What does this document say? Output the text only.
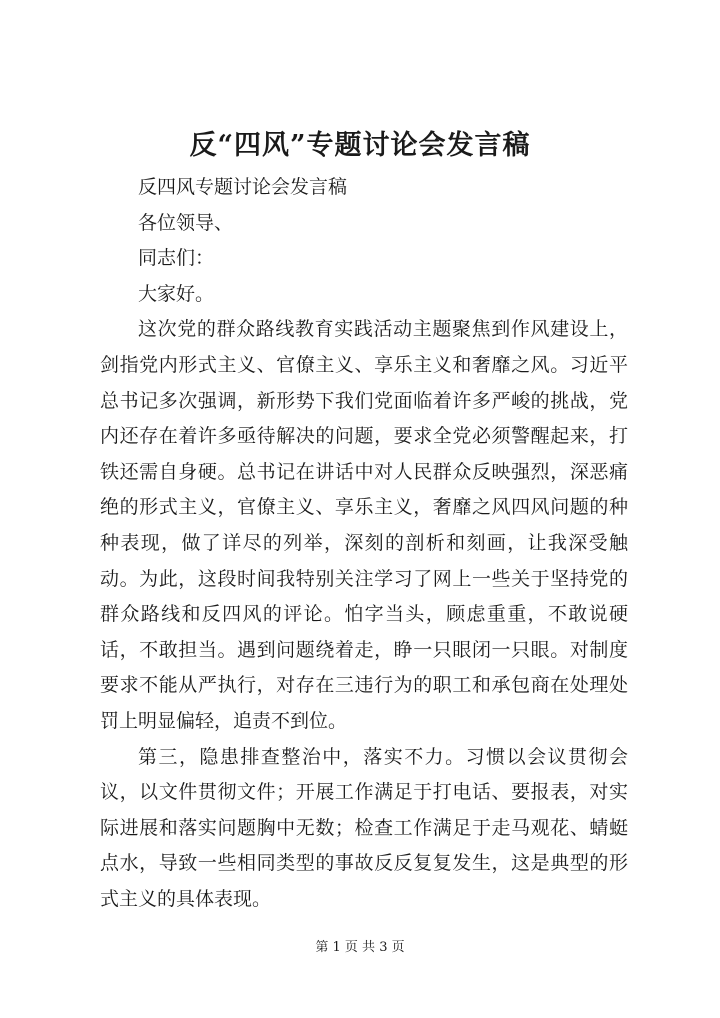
反“四风”专题讨论会发言稿

反四风专题讨论会发言稿

各位领导、

同志们：

大家好。

这次党的群众路线教育实践活动主题聚焦到作风建设上，剑指党内形式主义、官僚主义、享乐主义和奢靡之风。习近平总书记多次强调，新形势下我们党面临着许多严峻的挑战，党内还存在着许多亟待解决的问题，要求全党必须警醒起来，打铁还需自身硬。总书记在讲话中对人民群众反映强烈，深恶痛绝的形式主义，官僚主义、享乐主义，奢靡之风四风问题的种种表现，做了详尽的列举，深刻的剖析和刻画，让我深受触动。为此，这段时间我特别关注学习了网上一些关于坚持党的群众路线和反四风的评论。怕字当头，顾虑重重，不敢说硬话，不敢担当。遇到问题绕着走，睁一只眼闭一只眼。对制度要求不能从严执行，对存在三违行为的职工和承包商在处理处罚上明显偏轻，追责不到位。

第三，隐患排查整治中，落实不力。习惯以会议贯彻会议，以文件贯彻文件；开展工作满足于打电话、要报表，对实际进展和落实问题胸中无数；检查工作满足于走马观花、蜻蜓点水，导致一些相同类型的事故反反复复发生，这是典型的形式主义的具体表现。

第 1 页 共 3 页
